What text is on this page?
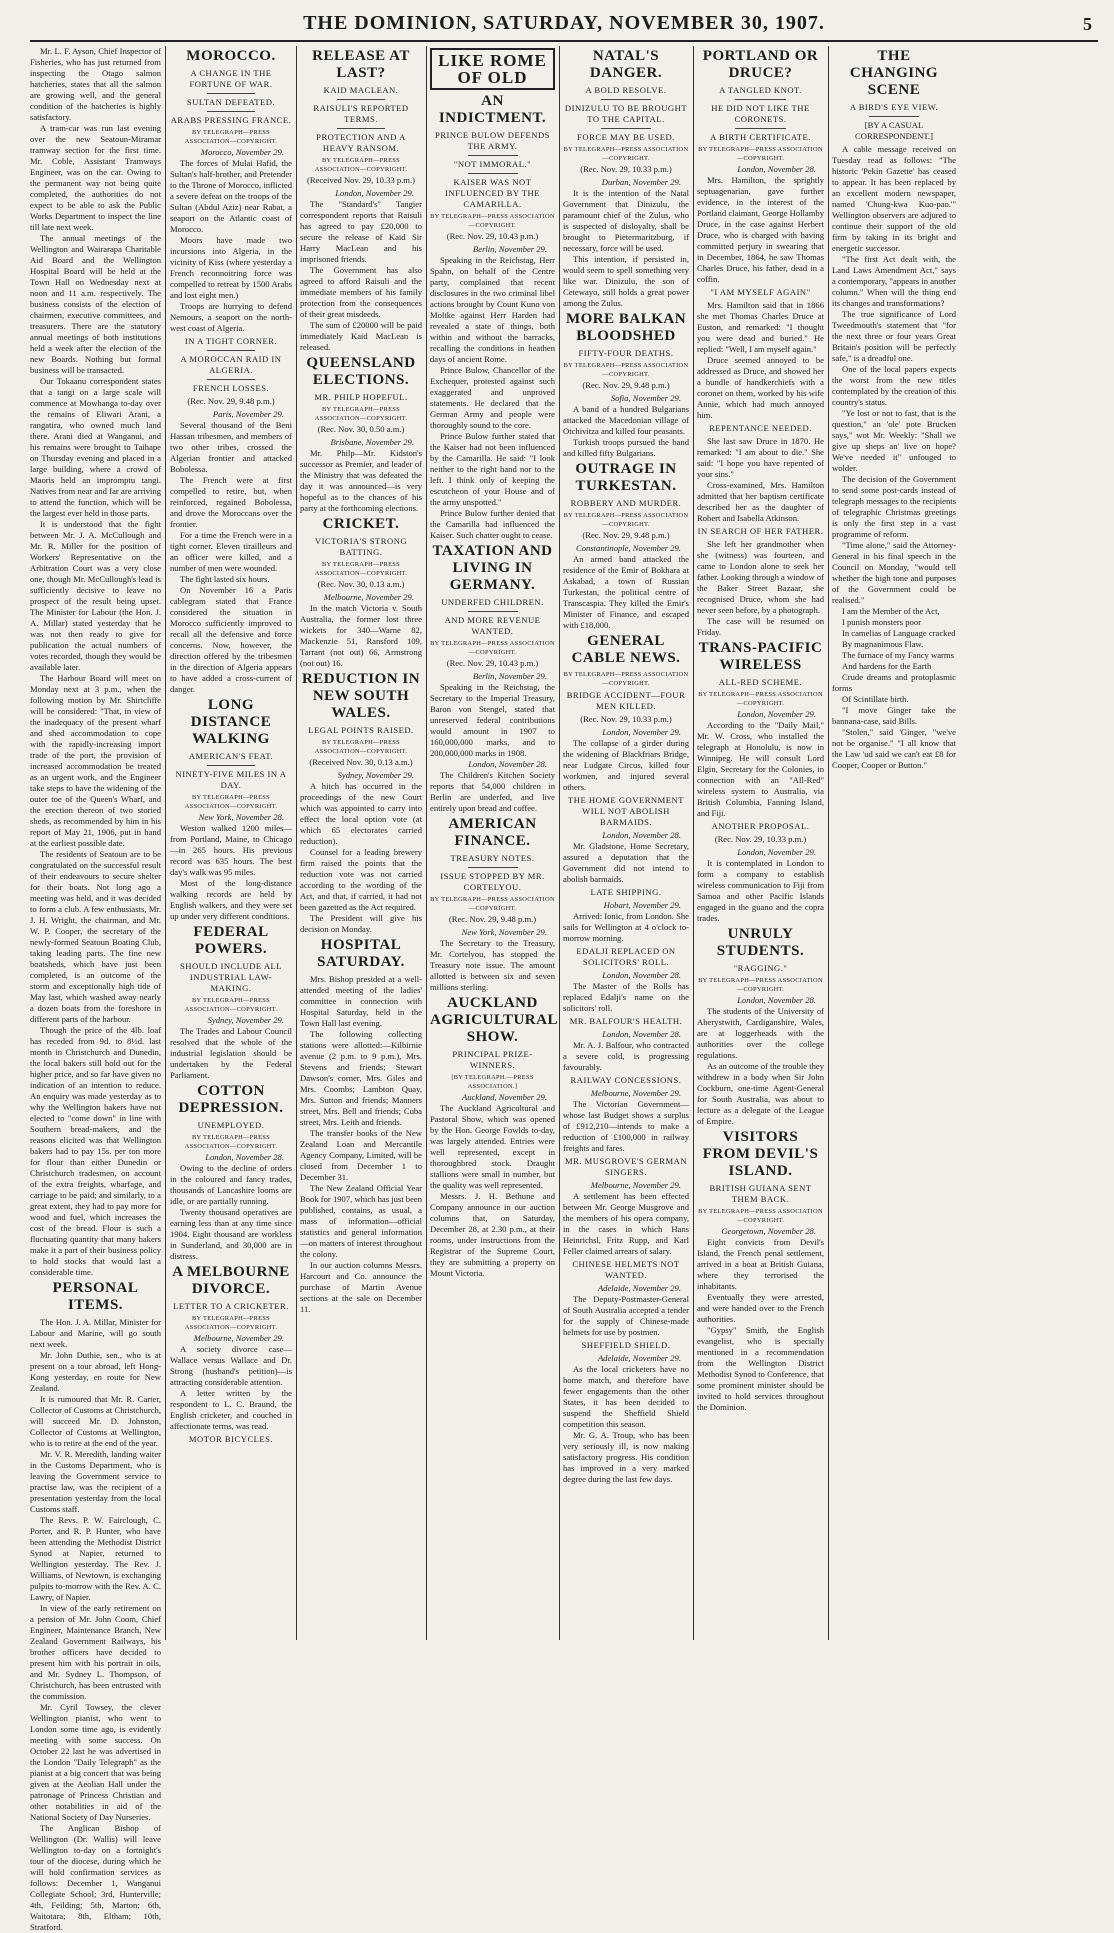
THE DOMINION, SATURDAY, NOVEMBER 30, 1907.	5

Mr. L. F. Ayson, Chief Inspector of Fisheries, who has just returned from inspecting the Otago salmon hatcheries, states that all the salmon are growing well, and the general condition of the hatcheries is highly satisfactory.

A tram-car was run last evening over the new Seatoun-Miramar tramway section for the first time. Mr. Coble, Assistant Tramways Engineer, was on the car. Owing to the permanent way not being quite completed, the authorities do not expect to be able to ask the Public Works Department to inspect the line till late next week.

The annual meetings of the Wellington and Wairarapa Charitable Aid Board and the Wellington Hospital Board will be held at the Town Hall on Wednesday next at noon and 11 a.m. respectively. The business consists of the election of chairmen, executive committees, and treasurers. There are the statutory annual meetings of both institutions held a week after the election of the new Boards. Nothing but formal business will be transacted.

Our Tokaanu correspondent states that a tangi on a large scale will commence at Mowhanga to-day over the remains of Eliwari Arani, a rangatira, who owned much land there. Arani died at Wanganui, and his remains were brought to Taihape on Thursday evening and placed in a large building, where a crowd of Maoris held an impromptu tangi. Natives from near and far are arriving to attend the function, which will be the largest ever held in those parts.

It is understood that the fight between Mr. J. A. McCullough and Mr. R. Miller for the position of Workers' Representative on the Arbitration Court was a very close one, though Mr. McCullough's lead is sufficiently decisive to leave no prospect of the result being upset. The Minister for Labour (the Hon. J. A. Millar) stated yesterday that he was not then ready to give for publication the actual numbers of votes recorded, though they would be available later.

The Harbour Board will meet on Monday next at 3 p.m., when the following motion by Mr. Shirtcliffe will be considered: "That, in view of the inadequacy of the present wharf and shed accommodation to cope with the rapidly-increasing import trade of the port, the provision of increased accommodation be treated as an urgent work, and the Engineer take steps to have the widening of the outer toe of the Queen's Wharf, and the erection thereon of two storied sheds, as recommended by him in his report of May 21, 1906, put in hand at the earliest possible date.

The residents of Seatoun are to be congratulated on the successful result of their endeavours to secure shelter for their boats. Not long ago a meeting was held, and it was decided to form a club. A few enthusiasts, Mr. J. H. Wright, the chairman, and Mr. W. P. Cooper, the secretary of the newly-formed Seatoun Boating Club, taking leading parts. The fine new boatsheds, which have just been completed, is an outcome of the storm and exceptionally high tide of May last, which washed away nearly a dozen boats from the foreshore in different parts of the harbour.

Though the price of the 4lb. loaf has receded from 9d. to 8½d. last month in Christchurch and Dunedin, the local bakers still hold out for the higher price, and so far have given no indication of an intention to reduce. An enquiry was made yesterday as to why the Wellington bakers have not elected to "come down" in line with Southern bread-makers, and the reasons elicited was that Wellington bakers had to pay 15s. per ton more for flour than either Dunedin or Christchurch tradesmen, on account of the extra freights, wharfage, and carriage to be paid; and similarly, to a great extent, they had to pay more for wood and fuel, which increases the cost of the bread. Flour is such a fluctuating quantity that many bakers make it a part of their business policy to hold stocks that would last a considerable time.

PERSONAL ITEMS.

The Hon. J. A. Millar, Minister for Labour and Marine, will go south next week.

Mr. John Duthie, sen., who is at present on a tour abroad, left Hong-Kong yesterday, en route for New Zealand.

It is rumoured that Mr. R. Carter, Collector of Customs at Christchurch, will succeed Mr. D. Johnston, Collector of Customs at Wellington, who is to retire at the end of the year.

Mr. V. R. Meredith, landing waiter in the Customs Department, who is leaving the Government service to practise law, was the recipient of a presentation yesterday from the local Customs staff.

The Revs. P. W. Fairclough, C. Porter, and R. P. Hunter, who have been attending the Methodist District Synod at Napier, returned to Wellington yesterday. The Rev. J. Williams, of Newtown, is exchanging pulpits to-morrow with the Rev. A. C. Lawry, of Napier.

In view of the early retirement on a pension of Mr. John Coom, Chief Engineer, Maintenance Branch, New Zealand Government Railways, his brother officers have decided to present him with his portrait in oils, and Mr. Sydney L. Thompson, of Christchurch, has been entrusted with the commission.

Mr. Cyril Towsey, the clever Wellington pianist, who went to London some time ago, is evidently meeting with some success. On October 22 last he was advertised in the London "Daily Telegraph" as the pianist at a big concert that was being given at the Aeolian Hall under the patronage of Princess Christian and other notabilities in aid of the National Society of Day Nurseries.

The Anglican Bishop of Wellington (Dr. Wallis) will leave Wellington to-day on a fortnight's tour of the diocese, during which he will hold confirmation services as follows: December 1, Wanganui Collegiate School; 3rd, Hunterville; 4th, Feilding; 5th, Marton; 6th, Waitotara; 8th, Eltham; 10th, Stratford.

MOROCCO.
A CHANGE IN THE FORTUNE OF WAR.
SULTAN DEFEATED.
ARABS PRESSING FRANCE.
BY TELEGRAPH—PRESS ASSOCIATION—COPYRIGHT.
Morocco, November 29.

The forces of Mulai Hafid, the Sultan's half-brother, and Pretender to the Throne of Morocco, inflicted a severe defeat on the troops of the Sultan (Abdul Aziz) near Rabat, a seaport on the Atlantic coast of Morocco.

Moors have made two incursions into Algeria, in the vicinity of Kiss (where yesterday a French reconnoitring force was compelled to retreat by 1500 Arabs and lost eight men.)

Troops are hurrying to defend Nemours, a seaport on the north-west coast of Algeria.

IN A TIGHT CORNER.
A MOROCCAN RAID IN ALGERIA.
FRENCH LOSSES.
(Rec. Nov. 29, 9.48 p.m.)
Paris, November 29.

Several thousand of the Beni Hassan tribesmen, and members of two other tribes, crossed the Algerian frontier and attacked Bobolessa.

The French were at first compelled to retire, but, when reinforced, regained Bobolessa, and drove the Moroccans over the frontier.

For a time the French were in a tight corner. Eleven tirailleurs and an officer were killed, and a number of men were wounded.

The fight lasted six hours.

On November 16 a Paris cablegram stated that France considered the situation in Morocco sufficiently improved to recall all the defensive and force concerns. Now, however, the direction offered by the tribesmen in the direction of Algeria appears to have added a cross-current of danger.

LONG DISTANCE WALKING
AMERICAN'S FEAT.
NINETY-FIVE MILES IN A DAY.
BY TELEGRAPH—PRESS ASSOCIATION—COPYRIGHT.
New York, November 28.

Weston walked 1200 miles—from Portland, Maine, to Chicago—in 265 hours. His previous record was 635 hours. The best day's walk was 95 miles.

Most of the long-distance walking records are held by English walkers, and they were set up under very different conditions.

FEDERAL POWERS.
SHOULD INCLUDE ALL INDUSTRIAL LAW-MAKING.
BY TELEGRAPH—PRESS ASSOCIATION—COPYRIGHT.
Sydney, November 29.

The Trades and Labour Council resolved that the whole of the industrial legislation should be undertaken by the Federal Parliament.

COTTON DEPRESSION.
UNEMPLOYED.
BY TELEGRAPH—PRESS ASSOCIATION—COPYRIGHT.
London, November 28.

Owing to the decline of orders in the coloured and fancy trades, thousands of Lancashire looms are idle, or are partially running.

Twenty thousand operatives are earning less than at any time since 1904. Eight thousand are workless in Sunderland, and 30,000 are in distress.

A MELBOURNE DIVORCE.
LETTER TO A CRICKETER.
BY TELEGRAPH—PRESS ASSOCIATION—COPYRIGHT.
Melbourne, November 29.

A society divorce case—Wallace versus Wallace and Dr. Strong (husband's petition)—is attracting considerable attention.

A letter written by the respondent to L. C. Braund, the English cricketer, and couched in affectionate terms, was read.

MOTOR BICYCLES.
RELEASE AT LAST?
KAID MACLEAN.
RAISULI'S REPORTED TERMS.
PROTECTION AND A HEAVY RANSOM.
BY TELEGRAPH—PRESS ASSOCIATION—COPYRIGHT.
(Received Nov. 29, 10.33 p.m.)
London, November 29.

The "Standard's" Tangier correspondent reports that Raisuli has agreed to pay £20,000 to secure the release of Kaid Sir Harry MacLean and his imprisoned friends.

The Government has also agreed to afford Raisuli and the immediate members of his family protection from the consequences of their great misdeeds.

The sum of £20000 will be paid immediately Kaid MacLean is released.

QUEENSLAND ELECTIONS.
MR. PHILP HOPEFUL.
BY TELEGRAPH—PRESS ASSOCIATION—COPYRIGHT.
(Rec. Nov. 30, 0.50 a.m.)
Brisbane, November 29.

Mr. Philp—Mr. Kidston's successor as Premier, and leader of the Ministry that was defeated the day it was announced—is very hopeful as to the chances of his party at the forthcoming elections.

CRICKET.
VICTORIA'S STRONG BATTING.
BY TELEGRAPH—PRESS ASSOCIATION—COPYRIGHT.
(Rec. Nov. 30, 0.13 a.m.)
Melbourne, November 29.

In the match Victoria v. South Australia, the former lost three wickets for 340—Warne 82, Mackenzie 51, Ransford 109, Tarrant (not out) 66, Armstrong (not out) 16.

REDUCTION IN NEW SOUTH WALES.
LEGAL POINTS RAISED.
BY TELEGRAPH—PRESS ASSOCIATION—COPYRIGHT.
(Received Nov. 30, 0.13 a.m.)
Sydney, November 29.

A hitch has occurred in the proceedings of the new Court which was appointed to carry into effect the local option vote (at which 65 electorates carried reduction).

Counsel for a leading brewery firm raised the points that the reduction vote was not carried according to the wording of the Act, and that, if carried, it had not been gazetted as the Act required.

The President will give his decision on Monday.

HOSPITAL SATURDAY.

Mrs. Bishop presided at a well-attended meeting of the ladies' committee in connection with Hospital Saturday, held in the Town Hall last evening.

The following collecting stations were allotted:—Kilbirnie avenue (2 p.m. to 9 p.m.), Mrs. Stevens and friends; Stewart Dawson's corner, Mrs. Giles and Mrs. Coombs; Lambton Quay, Mrs. Sutton and friends; Manners street, Mrs. Bell and friends; Cuba street, Mrs. Leith and friends.

The transfer books of the New Zealand Loan and Mercantile Agency Company, Limited, will be closed from December 1 to December 31.

The New Zealand Official Year Book for 1907, which has just been published, contains, as usual, a mass of information—official statistics and general information—on matters of interest throughout the colony.

In our auction columns Messrs. Harcourt and Co. announce the purchase of Martin Avenue sections at the sale on December 11.

LIKE ROME OF OLD
AN INDICTMENT.
PRINCE BULOW DEFENDS THE ARMY.
"NOT IMMORAL."
KAISER WAS NOT INFLUENCED BY THE CAMARILLA.
BY TELEGRAPH—PRESS ASSOCIATION—COPYRIGHT.
(Rec. Nov. 29, 10.43 p.m.)
Berlin, November 29.

Speaking in the Reichstag, Herr Spahn, on behalf of the Centre party, complained that recent disclosures in the two criminal libel actions brought by Count Kuno von Moltke against Herr Harden had revealed a state of things, both within and without the barracks, recalling the conditions in heathen days of ancient Rome.

Prince Bulow, Chancellor of the Exchequer, protested against such exaggerated and unproved statements. He declared that the German Army and people were thoroughly sound to the core.

Prince Bulow further stated that the Kaiser had not been influenced by the Camarilla. He said: "I look neither to the right hand nor to the left. I think only of keeping the escutcheon of your House and of the army unspotted."

Prince Bulow further denied that the Camarilla had influenced the Kaiser. Such chatter ought to cease.

TAXATION AND LIVING IN GERMANY.
UNDERFED CHILDREN.
AND MORE REVENUE WANTED.
BY TELEGRAPH—PRESS ASSOCIATION—COPYRIGHT.
(Rec. Nov. 29, 10.43 p.m.)
Berlin, November 29.

Speaking in the Reichstag, the Secretary to the Imperial Treasury, Baron von Stengel, stated that unreserved federal contributions would amount in 1907 to 160,000,000 marks, and to 200,000,000 marks in 1908.

London, November 28.

The Children's Kitchen Society reports that 54,000 children in Berlin are underfed, and live entirely upon bread and coffee.

AMERICAN FINANCE.
TREASURY NOTES.
ISSUE STOPPED BY MR. CORTELYOU.
BY TELEGRAPH—PRESS ASSOCIATION—COPYRIGHT.
(Rec. Nov. 29, 9.48 p.m.)
New York, November 29.

The Secretary to the Treasury, Mr. Cortelyou, has stopped the Treasury note issue. The amount allotted is between six and seven millions sterling.

AUCKLAND AGRICULTURAL SHOW.
PRINCIPAL PRIZE-WINNERS.
[BY TELEGRAPH.—PRESS ASSOCIATION.]
Auckland, November 29.

The Auckland Agricultural and Pastoral Show, which was opened by the Hon. George Fowlds to-day, was largely attended. Entries were well represented, except in thoroughbred stock. Draught stallions were small in number, but the quality was well represented.

Messrs. J. H. Bethune and Company announce in our auction columns that, on Saturday, December 28, at 2.30 p.m., at their rooms, under instructions from the Registrar of the Supreme Court, they are submitting a property on Mount Victoria.

NATAL'S DANGER.
A BOLD RESOLVE.
DINIZULU TO BE BROUGHT TO THE CAPITAL.
FORCE MAY BE USED.
BY TELEGRAPH—PRESS ASSOCIATION—COPYRIGHT.
(Rec. Nov. 29, 10.33 p.m.)
Durban, November 29.

It is the intention of the Natal Government that Dinizulu, the paramount chief of the Zulus, who is suspected of disloyalty, shall be brought to Pietermaritzburg, if necessary, force will be used.

This intention, if persisted in, would seem to spell something very like war. Dinizulu, the son of Cetewayo, still holds a great power among the Zulus.

MORE BALKAN BLOODSHED
FIFTY-FOUR DEATHS.
BY TELEGRAPH—PRESS ASSOCIATION—COPYRIGHT.
(Rec. Nov. 29, 9.48 p.m.)
Sofia, November 29.

A band of a hundred Bulgarians attacked the Macedonian village of Otchivitza and killed four peasants.

Turkish troops pursued the band and killed fifty Bulgarians.

OUTRAGE IN TURKESTAN.
ROBBERY AND MURDER.
BY TELEGRAPH—PRESS ASSOCIATION—COPYRIGHT.
(Rec. Nov. 29, 9.48 p.m.)
Constantinople, November 29.

An armed band attacked the residence of the Emir of Bokhara at Askabad, a town of Russian Turkestan, the political centre of Transcaspia. They killed the Emir's Minister of Finance, and escaped with £18,000.

GENERAL CABLE NEWS.
BY TELEGRAPH—PRESS ASSOCIATION—COPYRIGHT.
BRIDGE ACCIDENT—FOUR MEN KILLED.
(Rec. Nov. 29, 10.33 p.m.)
London, November 29.

The collapse of a girder during the widening of Blackfriars Bridge, near Ludgate Circus, killed four workmen, and injured several others.

THE HOME GOVERNMENT WILL NOT ABOLISH BARMAIDS.
London, November 28.

Mr. Gladstone, Home Secretary, assured a deputation that the Government did not intend to abolish barmaids.

LATE SHIPPING.
Hobart, November 29.

Arrived: Ionic, from London. She sails for Wellington at 4 o'clock to-morrow morning.

EDALJI REPLACED ON SOLICITORS' ROLL.
London, November 28.

The Master of the Rolls has replaced Edalji's name on the solicitors' roll.

MR. BALFOUR'S HEALTH.
London, November 28.

Mr. A. J. Balfour, who contracted a severe cold, is progressing favourably.

RAILWAY CONCESSIONS.
Melbourne, November 29.

The Victorian Government—whose last Budget shows a surplus of £912,210—intends to make a reduction of £100,000 in railway freights and fares.

MR. MUSGROVE'S GERMAN SINGERS.
Melbourne, November 29.

A settlement has been effected between Mr. George Musgrove and the members of his opera company, in the cases in which Hans Heinrichsl, Fritz Rupp, and Karl Feller claimed arrears of salary.

CHINESE HELMETS NOT WANTED.
Adelaide, November 29.

The Deputy-Postmaster-General of South Australia accepted a tender for the supply of Chinese-made helmets for use by postmen.

SHEFFIELD SHIELD.
Adelaide, November 29.

As the local cricketers have no home match, and therefore have fewer engagements than the other States, it has been decided to suspend the Sheffield Shield competition this season.

Mr. G. A. Troup, who has been very seriously ill, is now making satisfactory progress. His condition has improved in a very marked degree during the last few days.

PORTLAND OR DRUCE?
A TANGLED KNOT.
HE DID NOT LIKE THE CORONETS.
A BIRTH CERTIFICATE.
BY TELEGRAPH—PRESS ASSOCIATION—COPYRIGHT.
London, November 28.

Mrs. Hamilton, the sprightly septuagenarian, gave further evidence, in the interest of the Portland claimant, George Hollamby Druce, in the case against Herbert Druce, who is charged with having committed perjury in swearing that in December, 1864, he saw Thomas Charles Druce, his father, dead in a coffin.

"I AM MYSELF AGAIN"

Mrs. Hamilton said that in 1866 she met Thomas Charles Druce at Euston, and remarked: "I thought you were dead and buried." He replied: "Well, I am myself again."

Druce seemed annoyed to be addressed as Druce, and showed her a bundle of handkerchiefs with a coronet on them, worked by his wife Annie, which had much annoyed him.

REPENTANCE NEEDED.

She last saw Druce in 1870. He remarked: "I am about to die." She said: "I hope you have repented of your sins."

Cross-examined, Mrs. Hamilton admitted that her baptism certificate described her as the daughter of Robert and Isabella Atkinson.

IN SEARCH OF HER FATHER.

She left her grandmother when she (witness) was fourteen, and came to London alone to seek her father. Looking through a window of the Baker Street Bazaar, she recognised Druce, whom she had never seen before, by a photograph.

The case will be resumed on Friday.

TRANS-PACIFIC WIRELESS
ALL-RED SCHEME.
BY TELEGRAPH—PRESS ASSOCIATION—COPYRIGHT.
London, November 29.

According to the "Daily Mail," Mr. W. Cross, who installed the telegraph at Honolulu, is now in Winnipeg. He will consult Lord Elgin, Secretary for the Colonies, in connection with an "All-Red" wireless system to Australia, via British Columbia, Fanning Island, and Fiji.

ANOTHER PROPOSAL.
(Rec. Nov. 29, 10.33 p.m.)
London, November 29.

It is contemplated in London to form a company to establish wireless communication to Fiji from Samoa and other Pacific Islands engaged in the guano and the copra trades.

UNRULY STUDENTS.
"RAGGING."
BY TELEGRAPH—PRESS ASSOCIATION—COPYRIGHT.
London, November 28.

The students of the University of Aberystwith, Cardiganshire, Wales, are at loggerheads with the authorities over the college regulations.

As an outcome of the trouble they withdrew in a body when Sir John Cockburn, one-time Agent-General for South Australia, was about to lecture as a delegate of the League of Empire.

VISITORS FROM DEVIL'S ISLAND.
BRITISH GUIANA SENT THEM BACK.
BY TELEGRAPH—PRESS ASSOCIATION—COPYRIGHT.
Georgetown, November 28.

Eight convicts from Devil's Island, the French penal settlement, arrived in a boat at British Guiana, where they terrorised the inhabitants.

Eventually they were arrested, and were handed over to the French authorities.

"Gypsy" Smith, the English evangelist, who is specially mentioned in a recommendation from the Wellington District Methodist Synod to Conference, that some prominent minister should be invited to hold services throughout the Dominion.

THE CHANGING SCENE
A BIRD'S EYE VIEW.
[BY A CASUAL CORRESPONDENT.]

A cable message received on Tuesday read as follows: "The historic 'Pekin Gazette' has ceased to appear. It has been replaced by an excellent modern newspaper, named 'Chung-kwa Kuo-pao.'" Wellington observers are adjured to continue their support of the old firm by taking in its bright and energetic successor.

"The first Act dealt with, the Land Laws Amendment Act," says a contemporary, "appears in another column." When will the thing end its changes and transformations?

The true significance of Lord Tweedmouth's statement that "for the next three or four years Great Britain's position will be perfectly safe," is a dreadful one.

One of the local papers expects the worst from the new titles contemplated by the creation of this country's status.

"Ye lost or not to fast, that is the question," an 'ole' pote Brucken says," wot Mr. Weekly: "Shall we give up sheps an' live on hope? We've needed it" unfouged to wolder.

The decision of the Government to send some post-cards instead of telegraph messages to the recipients of telegraphic Christmas greetings is only the first step in a vast programme of reform.

"Time alone," said the Attorney-General in his final speech in the Council on Monday, "would tell whether the high tone and purposes of the Government could be realised."

I am the Member of the Act,

I punish monsters poor

In camelias of Language cracked

By magnanimous Flaw.

The furnace of my Fancy warms

And hardens for the Earth

Crude dreams and protoplasmic forms

Of Scintillate birth.

"I move Ginger take the bannana-case, said Bills.

"Stolen," said 'Ginger, "we've not be organise." "I all know that the Law 'ud said we can't eat £8 for Cooper, Cooper or Button."
